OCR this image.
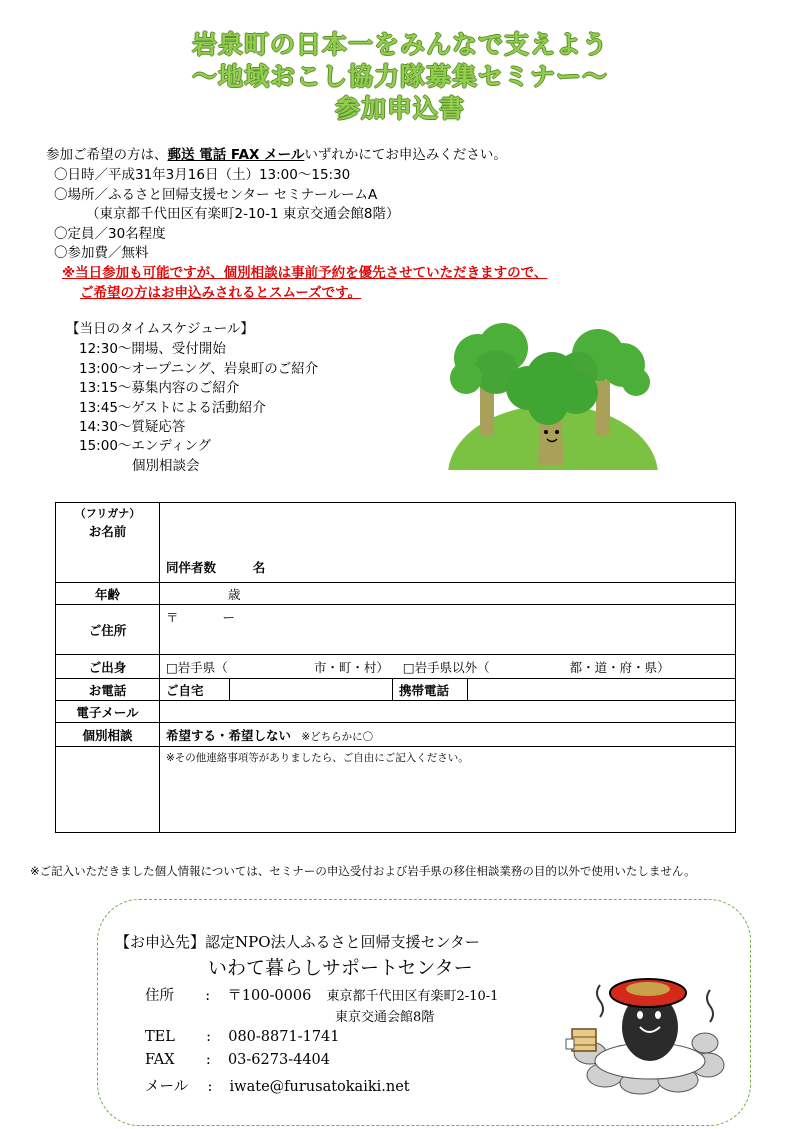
岩泉町の日本一をみんなで支えよう
～地域おこし協力隊募集セミナー～
参加申込書
参加ご希望の方は、郵送 電話 FAX メールいずれかにてお申込みください。
〇日時／平成31年3月16日（土）13:00～15:30
〇場所／ふるさと回帰支援センター セミナールームA
（東京都千代田区有楽町2-10-1 東京交通会館8階）
〇定員／30名程度
〇参加費／無料
※当日参加も可能ですが、個別相談は事前予約を優先させていただきますので、
ご希望の方はお申込みされるとスムーズです。
【当日のタイムスケジュール】
12:30～開場、受付開始
13:00～オープニング、岩泉町のご紹介
13:15～募集内容のご紹介
13:45～ゲストによる活動紹介
14:30～質疑応答
15:00～エンディング
個別相談会
（フリガナ）
お名前	同伴者数 名			
年齢	歳			
ご住所	〒 ー			
ご出身	□岩手県（ 市・町・村） □岩手県以外（ 都・道・府・県）			
お電話	ご自宅		携帯電話	
電子メール				
個別相談	希望する・希望しない ※どちらかに〇			
	※その他連絡事項等がありましたら、ご自由にご記入ください。			
※ご記入いただきました個人情報については、セミナーの申込受付および岩手県の移住相談業務の目的以外で使用いたしません。
【お申込先】認定NPO法人ふるさと回帰支援センター
いわて暮らしサポートセンター
住所 : 〒100-0006 東京都千代田区有楽町2-10-1
東京交通会館8階
TEL : 080-8871-1741
FAX : 03-6273-4404
メール : iwate@furusatokaiki.net
